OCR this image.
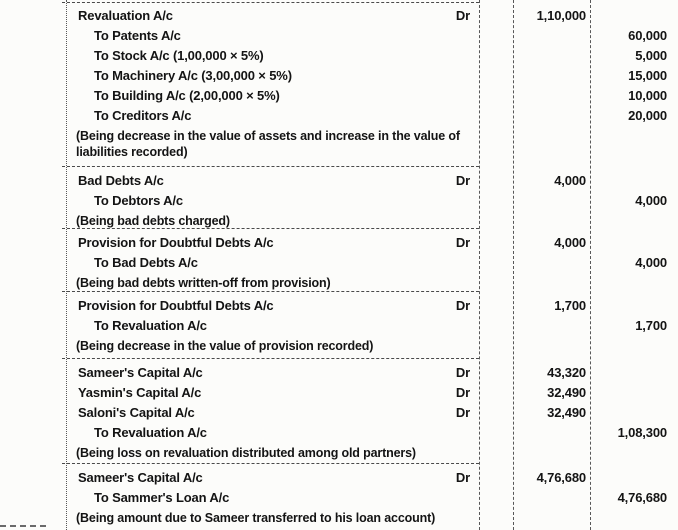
Revaluation A/c	Dr	1,10,000
To Patents A/c	60,000
To Stock A/c (1,00,000 × 5%)	5,000
To Machinery A/c (3,00,000 × 5%)	15,000
To Building A/c (2,00,000 × 5%)	10,000
To Creditors A/c	20,000
(Being decrease in the value of assets and increase in the value of liabilities recorded)
Bad Debts A/c	Dr	4,000
To Debtors A/c	4,000
(Being bad debts charged)
Provision for Doubtful Debts A/c	Dr	4,000
To Bad Debts A/c	4,000
(Being bad debts written-off from provision)
Provision for Doubtful Debts A/c	Dr	1,700
To Revaluation A/c	1,700
(Being decrease in the value of provision recorded)
Sameer's Capital A/c	Dr	43,320
Yasmin's Capital A/c	Dr	32,490
Saloni's Capital A/c	Dr	32,490
To Revaluation A/c	1,08,300
(Being loss on revaluation distributed among old partners)
Sameer's Capital A/c	Dr	4,76,680
To Sammer's Loan A/c	4,76,680
(Being amount due to Sameer transferred to his loan account)
